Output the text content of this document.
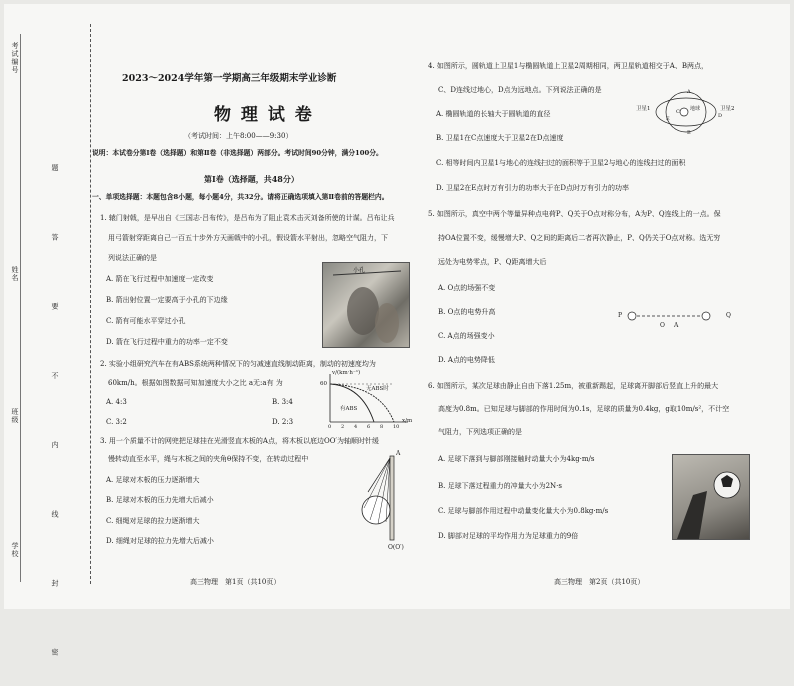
考试编号
姓名
班级
学校	题 答 要 不 内 线 封 密
2023～2024学年第一学期高三年级期末学业诊断
物 理 试 卷
（考试时间：上午8:00——9:30）
说明：本试卷分第Ⅰ卷（选择题）和第Ⅱ卷（非选择题）两部分。考试时间90分钟，满分100分。
第Ⅰ卷（选择题，共48分）
一、单项选择题：本题包含8小题，每小题4分，共32分。请将正确选项填入第Ⅱ卷前的答题栏内。
1. 辕门射戟，是早出自《三国志·吕布传》，是吕布为了阻止袁术击灭刘备所使的计谋。吕布让兵
用弓箭射穿距离自己一百五十步外方天画戟中的小孔，假设箭水平射出，忽略空气阻力，下
列说法正确的是
A. 箭在飞行过程中加速度一定改变
B. 箭出射位置一定要高于小孔的下边缘
C. 箭有可能水平穿过小孔
D. 箭在飞行过程中重力的功率一定不变
小孔
2. 实验小组研究汽车在有ABS系统两种情况下的匀减速直线制动距离，制动的初速度均为
60km/h。根据如图数据可知加速度大小之比 a无:a有 为
A. 4:3	B. 3:4
C. 3:2	D. 2:3
v/(km·h⁻¹)
60
无ABS时
有ABS
x/m
3. 用一个质量不计的网兜把足球挂在光滑竖直木板的A点，将木板以底边OO′为轴顺时针缓
慢转动直至水平，绳与木板之间的夹角θ保持不变，在转动过程中
A. 足球对木板的压力逐渐增大
B. 足球对木板的压力先增大后减小
C. 细绳对足球的拉力逐渐增大
D. 细绳对足球的拉力先增大后减小
A
O(O′)
高三物理　第1页（共10页）
4. 如图所示，圆轨道上卫星1与椭圆轨道上卫星2周期相同，两卫星轨道相交于A、B两点，
C、D连线过地心，D点为远地点。下列说法正确的是
A. 椭圆轨道的长轴大于圆轨道的直径
B. 卫星1在C点速度大于卫星2在D点速度
C. 相等时间内卫星1与地心的连线扫过的面积等于卫星2与地心的连线扫过的面积
D. 卫星2在E点时万有引力的功率大于在D点时万有引力的功率
卫星1	卫星2
地球
A
B
C
D
E
5. 如图所示，真空中两个等量异种点电荷P、Q关于O点对称分布，A为P、Q连线上的一点。保
持OA位置不变，缓慢增大P、Q之间的距离后二者再次静止，P、Q仍关于O点对称。选无穷
远处为电势零点，P、Q距离增大后
A. O点的场强不变
B. O点的电势升高
C. A点的场强变小
D. A点的电势降低
P	Q
O A
6. 如图所示，某次足球由静止自由下落1.25m，被重新踢起，足球离开脚部后竖直上升的最大
高度为0.8m。已知足球与脚部的作用时间为0.1s，足球的质量为0.4kg，g取10m/s²，不计空
气阻力，下列选项正确的是
A. 足球下落到与脚部刚接触时动量大小为4kg·m/s
B. 足球下落过程重力的冲量大小为2N·s
C. 足球与脚部作用过程中动量变化量大小为0.8kg·m/s
D. 脚部对足球的平均作用力为足球重力的9倍
高三物理　第2页（共10页）
0 2 4 6 8 10
